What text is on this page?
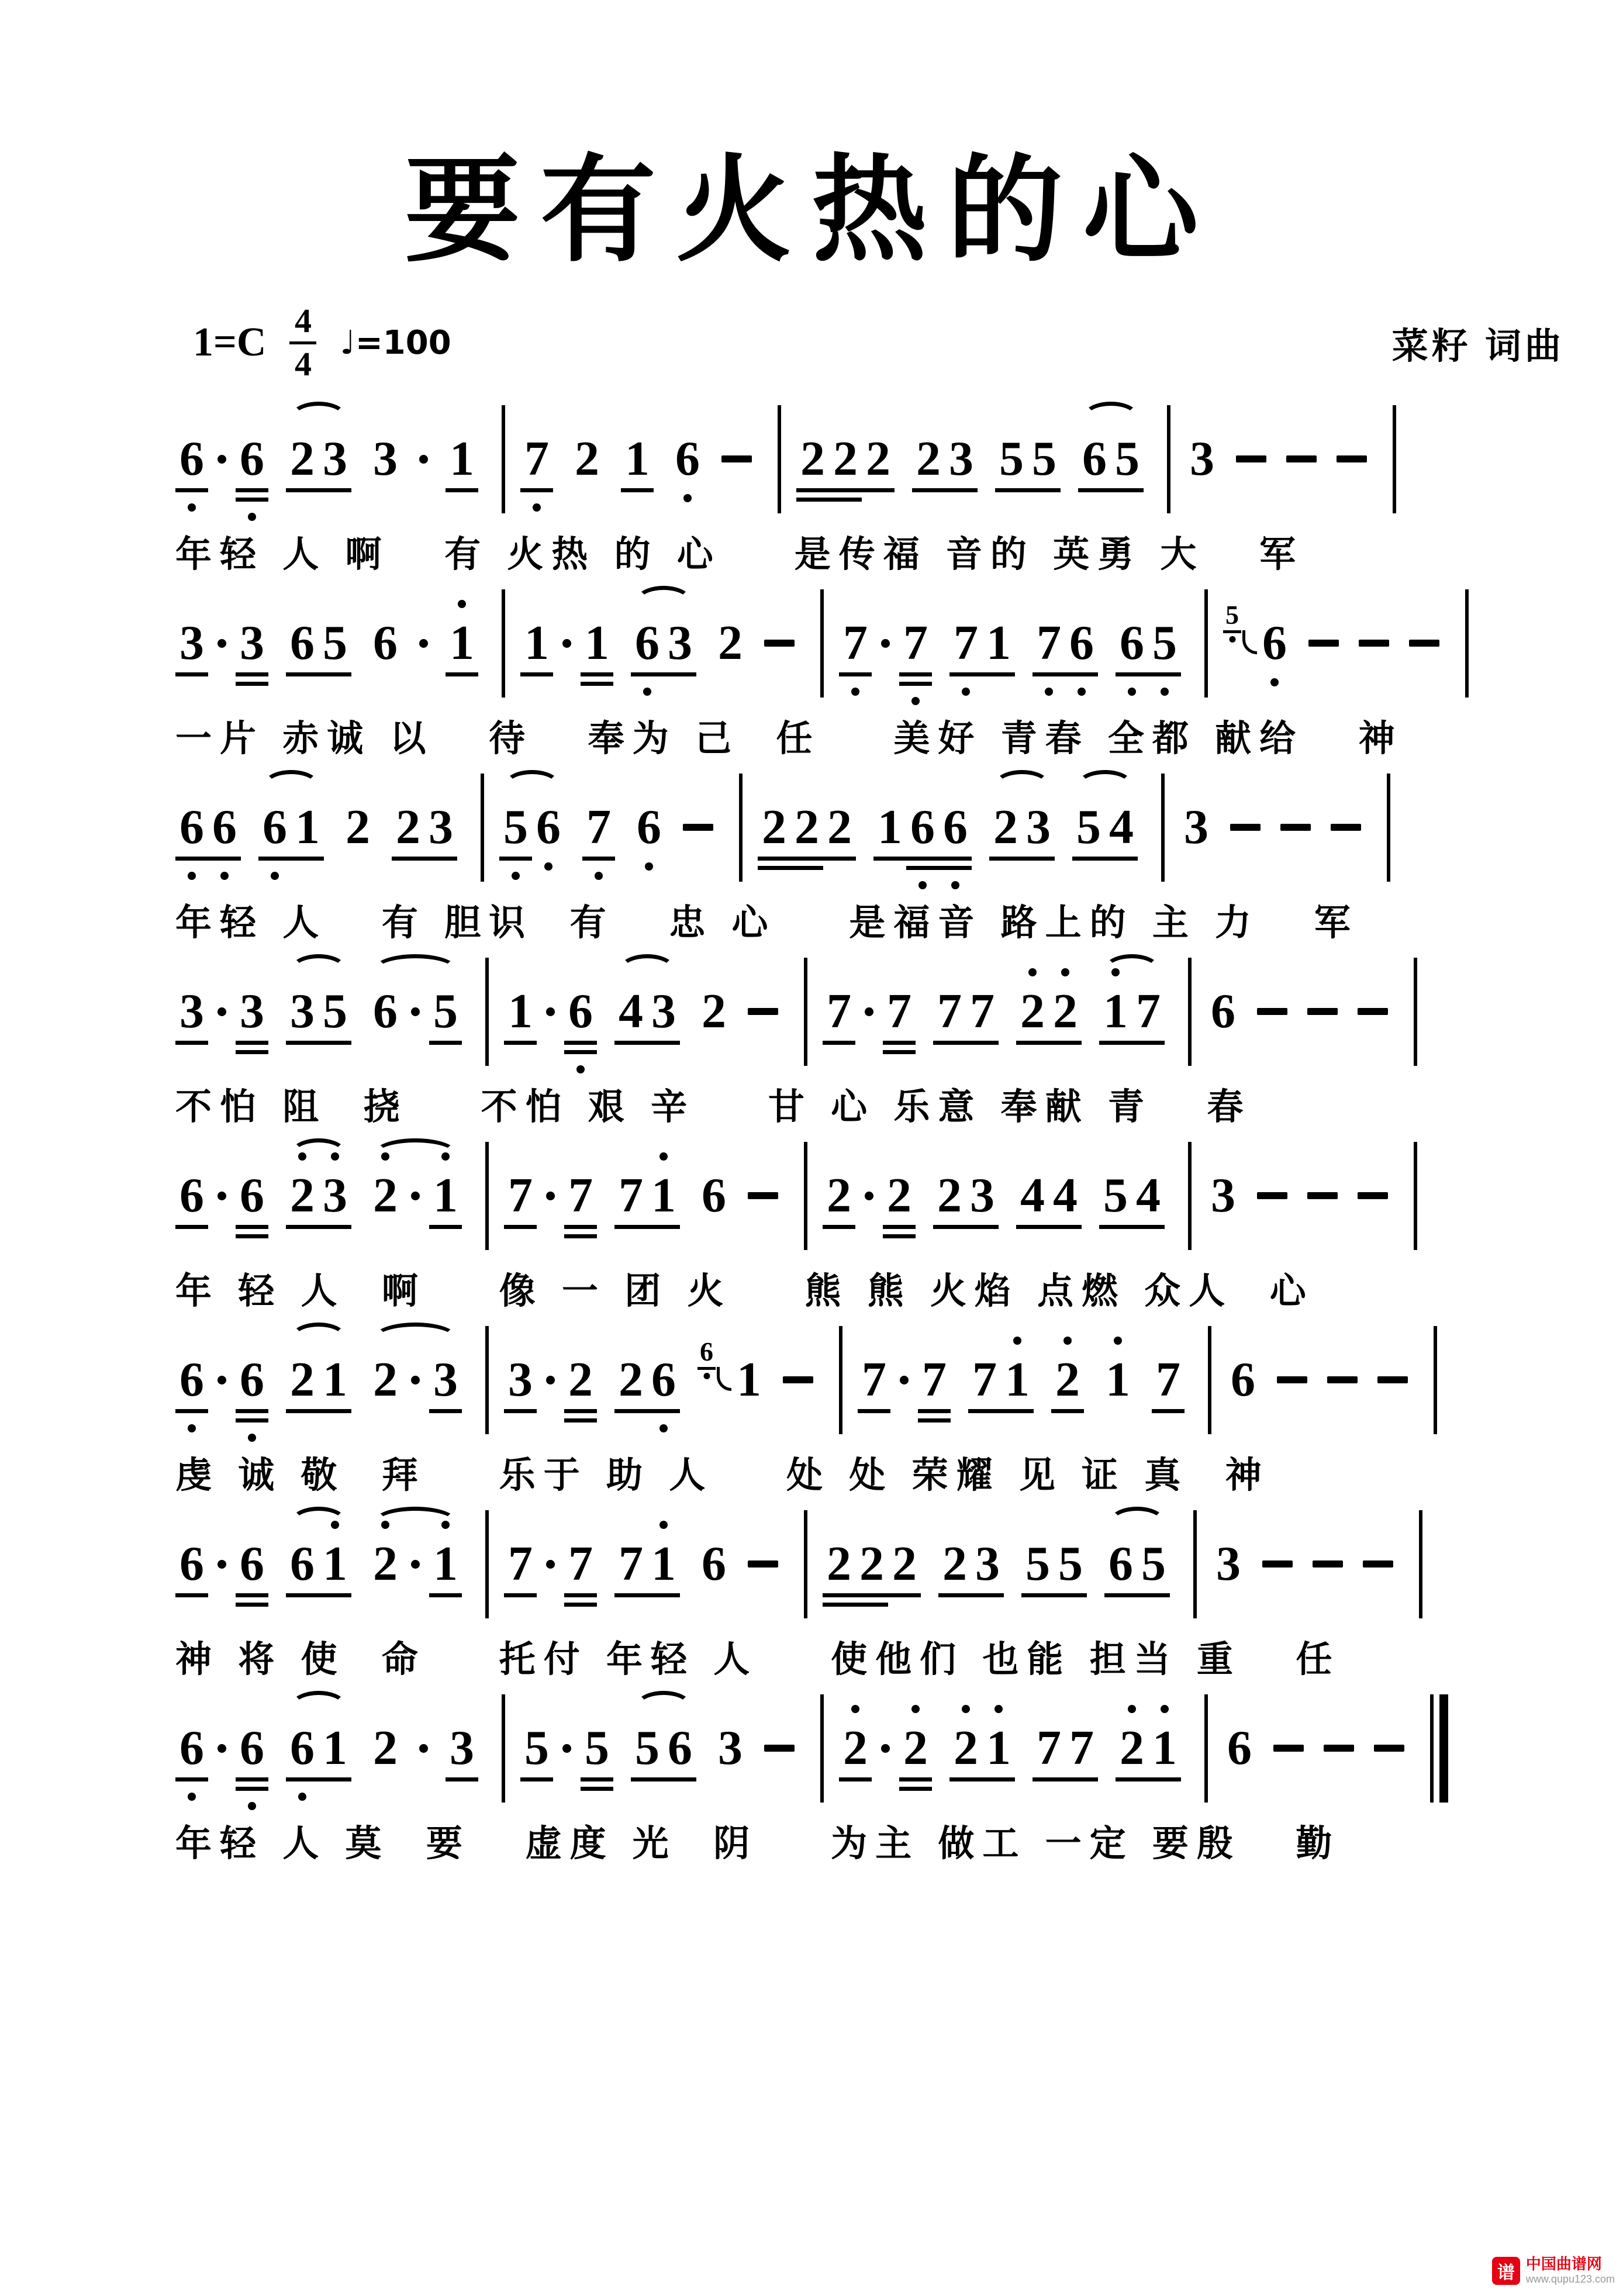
要有火热的心
1=C 4
4
♩=100	菜籽 词曲
6 6 2 3 3 1 7 2 1 6 2 2 2 2 3 5 5 6 5 3
年轻 人 啊   有 火热 的 心    是传福 音的 英勇 大   军
3 3 6 5 6 1 1 1 6 3 2 7 7 7 1 7 6 6 5
5
6
一片 赤诚 以   待   奉为 己  任    美好 青春 全都 献给   神
6 6 6 1 2 2 3 5 6 7 6 2 2 2 1 6 6 2 3 5 4 3
年轻 人   有 胆识  有   忠 心    是福音 路上的 主 力   军
3 3 3 5 6 5 1 6 4 3 2 7 7 7 7 2 2 1 7 6
不怕 阻  挠    不怕 艰 辛    甘 心 乐意 奉献 青   春
6 6 2 3 2 1 7 7 7 1 6 2 2 2 3 4 4 5 4 3
年 轻 人  啊    像 一 团 火    熊 熊 火焰 点燃 众人  心
6 6 2 1 2 3 3 2 2 6
6
1 7 7 7 1 2 1 7 6
虔 诚 敬  拜    乐于 助 人    处 处 荣耀 见 证 真  神
6 6 6 1 2 1 7 7 7 1 6 2 2 2 2 3 5 5 6 5 3
神 将 使  命    托付 年轻 人    使他们 也能 担当 重   任
6 6 6 1 2 3 5 5 5 6 3 2 2 2 1 7 7 2 1 6
年轻 人 莫  要   虚度 光  阴    为主 做工 一定 要殷   勤
谱 中国曲谱网
www.qupu123.com
